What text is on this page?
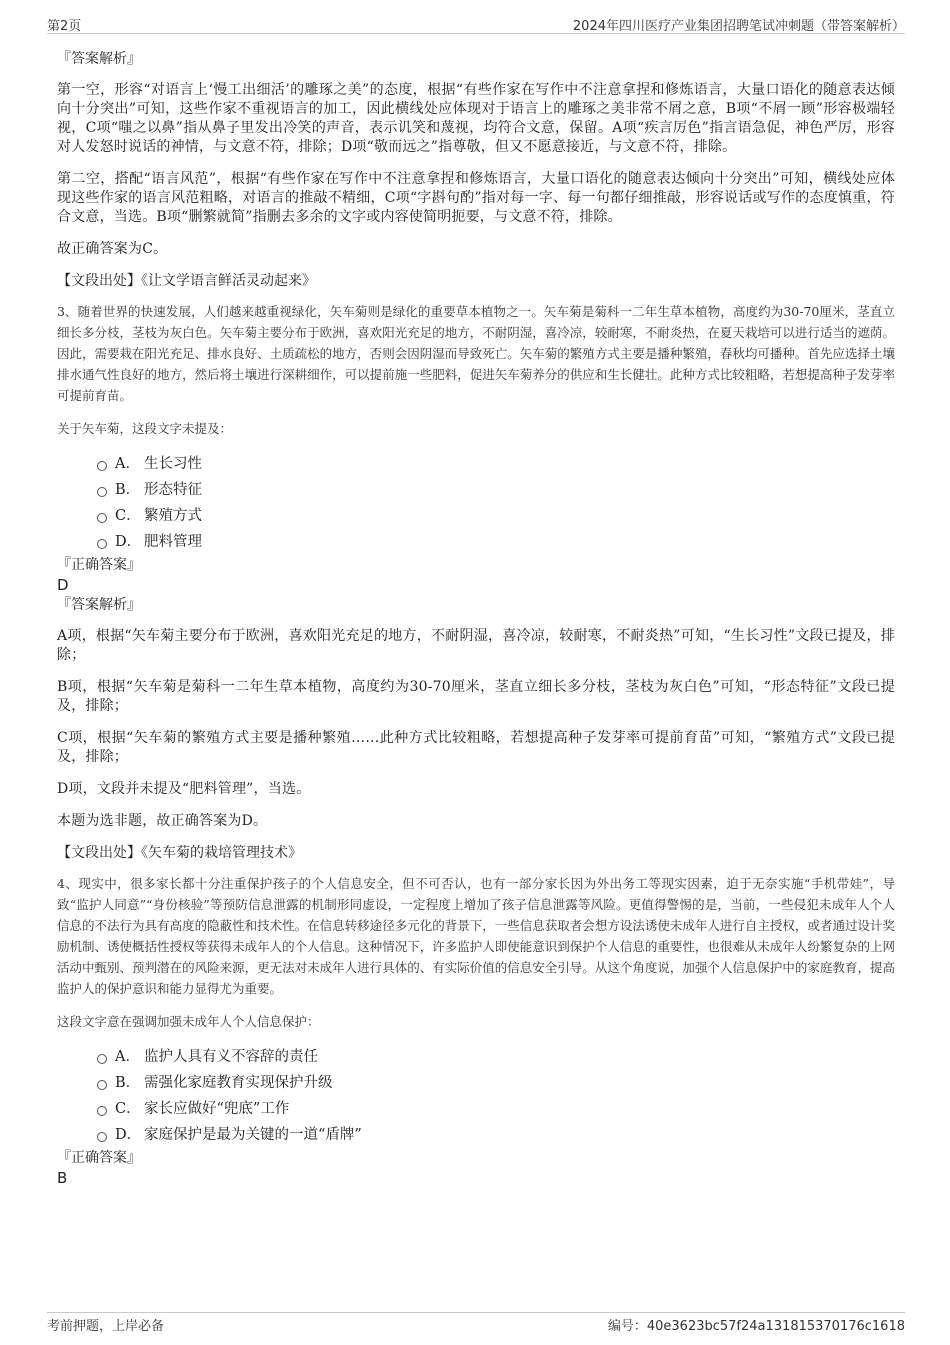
第2页	2024年四川医疗产业集团招聘笔试冲刺题（带答案解析）

『答案解析』

第一空，形容“对语言上‘慢工出细活’的雕琢之美”的态度，根据“有些作家在写作中不注意拿捏和修炼语言，大量口语化的随意表达倾向十分突出”可知，这些作家不重视语言的加工，因此横线处应体现对于语言上的雕琢之美非常不屑之意，B项“不屑一顾”形容极端轻视，C项“嗤之以鼻”指从鼻子里发出冷笑的声音，表示讥笑和蔑视，均符合文意，保留。A项“疾言厉色”指言语急促，神色严厉，形容对人发怒时说话的神情，与文意不符，排除；D项“敬而远之”指尊敬，但又不愿意接近，与文意不符，排除。

第二空，搭配“语言风范”，根据“有些作家在写作中不注意拿捏和修炼语言，大量口语化的随意表达倾向十分突出”可知，横线处应体现这些作家的语言风范粗略，对语言的推敲不精细，C项“字斟句酌”指对每一字、每一句都仔细推敲，形容说话或写作的态度慎重，符合文意，当选。B项“删繁就简”指删去多余的文字或内容使简明扼要，与文意不符，排除。

故正确答案为C。

【文段出处】《让文学语言鲜活灵动起来》

3、随着世界的快速发展，人们越来越重视绿化，矢车菊则是绿化的重要草本植物之一。矢车菊是菊科一二年生草本植物，高度约为30-70厘米，茎直立细长多分枝，茎枝为灰白色。矢车菊主要分布于欧洲，喜欢阳光充足的地方，不耐阴湿，喜冷凉，较耐寒，不耐炎热，在夏天栽培可以进行适当的遮荫。因此，需要栽在阳光充足、排水良好、土质疏松的地方，否则会因阴湿而导致死亡。矢车菊的繁殖方式主要是播种繁殖，春秋均可播种。首先应选择土壤排水通气性良好的地方，然后将土壤进行深耕细作，可以提前施一些肥料，促进矢车菊养分的供应和生长健壮。此种方式比较粗略，若想提高种子发芽率可提前育苗。

关于矢车菊，这段文字未提及：

A． 生长习性
B． 形态特征
C． 繁殖方式
D． 肥料管理

『正确答案』

D

『答案解析』

A项，根据“矢车菊主要分布于欧洲，喜欢阳光充足的地方，不耐阴湿，喜冷凉，较耐寒，不耐炎热”可知，“生长习性”文段已提及，排除；

B项，根据“矢车菊是菊科一二年生草本植物，高度约为30-70厘米，茎直立细长多分枝，茎枝为灰白色”可知，“形态特征”文段已提及，排除；

C项，根据“矢车菊的繁殖方式主要是播种繁殖……此种方式比较粗略，若想提高种子发芽率可提前育苗”可知，“繁殖方式”文段已提及，排除；

D项，文段并未提及“肥料管理”，当选。

本题为选非题，故正确答案为D。

【文段出处】《矢车菊的栽培管理技术》

4、现实中，很多家长都十分注重保护孩子的个人信息安全，但不可否认，也有一部分家长因为外出务工等现实因素，迫于无奈实施“手机带娃”，导致“监护人同意”“身份核验”等预防信息泄露的机制形同虚设，一定程度上增加了孩子信息泄露等风险。更值得警惕的是，当前，一些侵犯未成年人个人信息的不法行为具有高度的隐蔽性和技术性。在信息转移途径多元化的背景下，一些信息获取者会想方设法诱使未成年人进行自主授权，或者通过设计奖励机制、诱使概括性授权等获得未成年人的个人信息。这种情况下，许多监护人即使能意识到保护个人信息的重要性，也很难从未成年人纷繁复杂的上网活动中甄别、预判潜在的风险来源，更无法对未成年人进行具体的、有实际价值的信息安全引导。从这个角度说，加强个人信息保护中的家庭教育，提高监护人的保护意识和能力显得尤为重要。

这段文字意在强调加强未成年人个人信息保护：

A． 监护人具有义不容辞的责任
B． 需强化家庭教育实现保护升级
C． 家长应做好“兜底”工作
D． 家庭保护是最为关键的一道“盾牌”

『正确答案』

B

考前押题，上岸必备	编号：40e3623bc57f24a131815370176c1618
